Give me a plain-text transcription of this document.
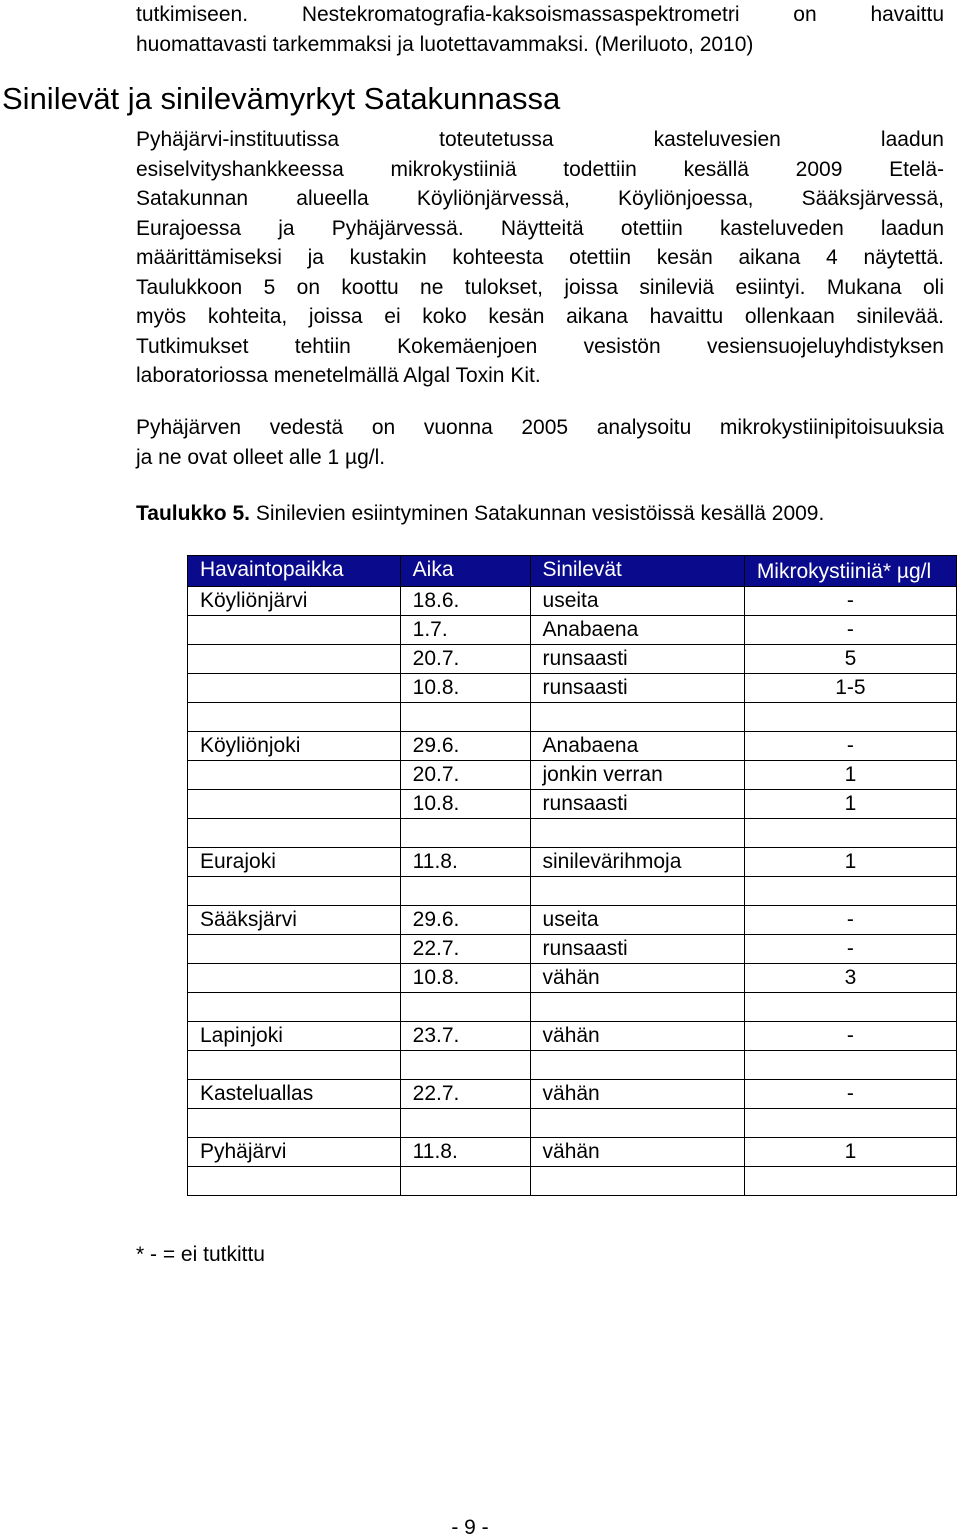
tutkimiseen. Nestekromatografia-kaksoismassaspektrometri on havaittu
huomattavasti tarkemmaksi ja luotettavammaksi. (Meriluoto, 2010)
Sinilevät ja sinilevämyrkyt Satakunnassa
Pyhäjärvi-instituutissa toteutetussa kasteluvesien laadun
esiselvityshankkeessa mikrokystiiniä todettiin kesällä 2009 Etelä-
Satakunnan alueella Köyliönjärvessä, Köyliönjoessa, Sääksjärvessä,
Eurajoessa ja Pyhäjärvessä. Näytteitä otettiin kasteluveden laadun
määrittämiseksi ja kustakin kohteesta otettiin kesän aikana 4 näytettä.
Taulukkoon 5 on koottu ne tulokset, joissa sinileviä esiintyi. Mukana oli
myös kohteita, joissa ei koko kesän aikana havaittu ollenkaan sinilevää.
Tutkimukset tehtiin Kokemäenjoen vesistön vesiensuojeluyhdistyksen
laboratoriossa menetelmällä Algal Toxin Kit.
Pyhäjärven vedestä on vuonna 2005 analysoitu mikrokystiinipitoisuuksia
ja ne ovat olleet alle 1 µg/l.
Taulukko 5. Sinilevien esiintyminen Satakunnan vesistöissä kesällä 2009.
Havaintopaikka	Aika	Sinilevät	Mikrokystiiniä* µg/l
Köyliönjärvi	18.6.	useita	-
	1.7.	Anabaena	-
	20.7.	runsaasti	5
	10.8.	runsaasti	1-5

Köyliönjoki	29.6.	Anabaena	-
	20.7.	jonkin verran	1
	10.8.	runsaasti	1

Eurajoki	11.8.	sinilevärihmoja	1

Sääksjärvi	29.6.	useita	-
	22.7.	runsaasti	-
	10.8.	vähän	3

Lapinjoki	23.7.	vähän	-

Kasteluallas	22.7.	vähän	-

Pyhäjärvi	11.8.	vähän	1

* - = ei tutkittu
- 9 -
